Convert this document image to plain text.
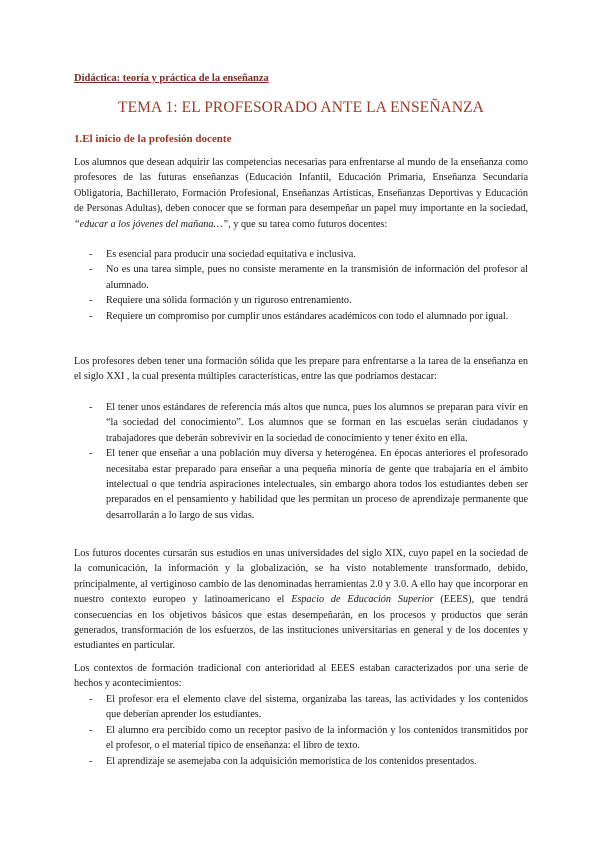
Didáctica: teoría y práctica de la enseñanza
TEMA 1: EL PROFESORADO ANTE LA ENSEÑANZA
1.El inicio de la profesión docente

Los alumnos que desean adquirir las competencias necesarias para enfrentarse al mundo de la enseñanza como profesores de las futuras enseñanzas (Educación Infantil, Educación Primaria, Enseñanza Secundaria Obligatoria, Bachillerato, Formación Profesional, Enseñanzas Artísticas, Enseñanzas Deportivas y Educación de Personas Adultas), deben conocer que se forman para desempeñar un papel muy importante en la sociedad, “educar a los jóvenes del mañana…”, y que su tarea como futuros docentes:

- Es esencial para producir una sociedad equitativa e inclusiva.
- No es una tarea simple, pues no consiste meramente en la transmisión de información del profesor al alumnado.
- Requiere una sólida formación y un riguroso entrenamiento.
- Requiere un compromiso por cumplir unos estándares académicos con todo el alumnado por igual.

Los profesores deben tener una formación sólida que les prepare para enfrentarse a la tarea de la enseñanza en el siglo XXI , la cual presenta múltiples características, entre las que podríamos destacar:

- El tener unos estándares de referencia más altos que nunca, pues los alumnos se preparan para vivir en “la sociedad del conocimiento”. Los alumnos que se forman en las escuelas serán ciudadanos y trabajadores que deberán sobrevivir en la sociedad de conocimiento y tener éxito en ella.
- El tener que enseñar a una población muy diversa y heterogénea. En épocas anteriores el profesorado necesitaba estar preparado para enseñar a una pequeña minoría de gente que trabajaría en el ámbito intelectual o que tendría aspiraciones intelectuales, sin embargo ahora todos los estudiantes deben ser preparados en el pensamiento y habilidad que les permitan un proceso de aprendizaje permanente que desarrollarán a lo largo de sus vidas.

Los futuros docentes cursarán sus estudios en unas universidades del siglo XIX, cuyo papel en la sociedad de la comunicación, la información y la globalización, se ha visto notablemente transformado, debido, principalmente, al vertiginoso cambio de las denominadas herramientas 2.0 y 3.0. A ello hay que incorporar en nuestro contexto europeo y latinoamericano el Espacio de Educación Superior (EEES), que tendrá consecuencias en los objetivos básicos que estas desempeñarán, en los procesos y productos que serán generados, transformación de los esfuerzos, de las instituciones universitarias en general y de los docentes y estudiantes en particular.

Los contextos de formación tradicional con anterioridad al EEES estaban caracterizados por una serie de hechos y acontecimientos:

- El profesor era el elemento clave del sistema, organizaba las tareas, las actividades y los contenidos que deberían aprender los estudiantes.
- El alumno era percibido como un receptor pasivo de la información y los contenidos transmitidos por el profesor, o el material típico de enseñanza: el libro de texto.
- El aprendizaje se asemejaba con la adquisición memorística de los contenidos presentados.
